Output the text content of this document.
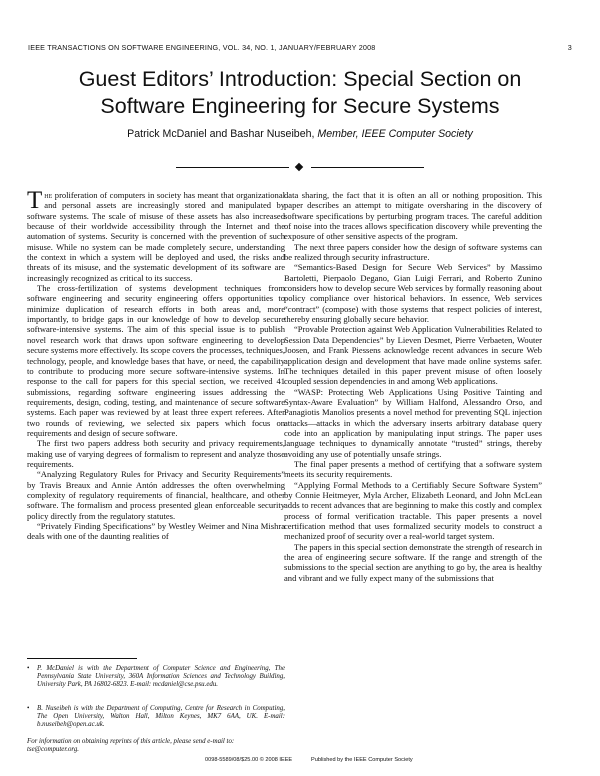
IEEE TRANSACTIONS ON SOFTWARE ENGINEERING, VOL. 34, NO. 1, JANUARY/FEBRUARY 2008	3
Guest Editors’ Introduction: Special Section on
Software Engineering for Secure Systems
Patrick McDaniel and Bashar Nuseibeh, Member, IEEE Computer Society

The proliferation of computers in society has meant that organizational and personal assets are increasingly stored and manipulated by software systems. The scale of misuse of these assets has also increased because of their worldwide accessibility through the Internet and the automation of systems. Security is concerned with the prevention of such misuse. While no system can be made completely secure, understanding the context in which a system will be deployed and used, the risks and threats of its misuse, and the systematic development of its software are increasingly recognized as critical to its success.

The cross-fertilization of systems development techniques from software engineering and security engineering offers opportunities to minimize duplication of research efforts in both areas and, more importantly, to bridge gaps in our knowledge of how to develop secure software-intensive systems. The aim of this special issue is to publish novel research work that draws upon software engineering to develop secure systems more effectively. Its scope covers the processes, techniques, technology, people, and knowledge bases that have, or need, the capability to contribute to producing more secure software-intensive systems. In response to the call for papers for this special section, we received 41 submissions, regarding software engineering issues addressing the requirements, design, coding, testing, and maintenance of secure software systems. Each paper was reviewed by at least three expert referees. After two rounds of reviewing, we selected six papers which focus on requirements and design of secure software.

The first two papers address both security and privacy requirements, making use of varying degrees of formalism to represent and analyze those requirements.

“Analyzing Regulatory Rules for Privacy and Security Requirements” by Travis Breaux and Annie Antón addresses the often overwhelming complexity of regulatory requirements of financial, healthcare, and other software. The formalism and process presented glean enforceable security policy directly from the regulatory statutes.

“Privately Finding Specifications” by Westley Weimer and Nina Mishra deals with one of the daunting realities of

data sharing, the fact that it is often an all or nothing proposition. This paper describes an attempt to mitigate oversharing in the discovery of software specifications by perturbing program traces. The careful addition of noise into the traces allows specification discovery while preventing the exposure of other sensitive aspects of the program.

The next three papers consider how the design of software systems can be realized through security infrastructure.

“Semantics-Based Design for Secure Web Services” by Massimo Bartoletti, Pierpaolo Degano, Gian Luigi Ferrari, and Roberto Zunino considers how to develop secure Web services by formally reasoning about policy compliance over historical behaviors. In essence, Web services “contract” (compose) with those systems that respect policies of interest, thereby ensuring globally secure behavior.

“Provable Protection against Web Application Vulnerabilities Related to Session Data Dependencies” by Lieven Desmet, Pierre Verbaeten, Wouter Joosen, and Frank Piessens acknowledge recent advances in secure Web application design and development that have made online systems safer. The techniques detailed in this paper prevent misuse of often loosely coupled session dependencies in and among Web applications.

“WASP: Protecting Web Applications Using Positive Tainting and Syntax-Aware Evaluation” by William Halfond, Alessandro Orso, and Panagiotis Manolios presents a novel method for preventing SQL injection attacks—attacks in which the adversary inserts arbitrary database query code into an application by manipulating input strings. The paper uses language techniques to dynamically annotate “trusted” strings, thereby avoiding any use of potentially unsafe strings.

The final paper presents a method of certifying that a software system meets its security requirements.

“Applying Formal Methods to a Certifiably Secure Software System” by Connie Heitmeyer, Myla Archer, Elizabeth Leonard, and John McLean adds to recent advances that are beginning to make this costly and complex process of formal verification tractable. This paper presents a novel certification method that uses formalized security models to construct a mechanized proof of security over a real-world target system.

The papers in this special section demonstrate the strength of research in the area of engineering secure software. If the range and strength of the submissions to the special section are anything to go by, the area is healthy and vibrant and we fully expect many of the submissions that

• P. McDaniel is with the Department of Computer Science and Engineering, The Pennsylvania State University, 360A Information Sciences and Technology Building, University Park, PA 16802-6823. E-mail: mcdaniel@cse.psu.edu.
• B. Nuseibeh is with the Department of Computing, Centre for Research in Computing, The Open University, Walton Hall, Milton Keynes, MK7 6AA, UK. E-mail: b.nuseibeh@open.ac.uk.
For information on obtaining reprints of this article, please send e-mail to: tse@computer.org.
0098-5589/08/$25.00 © 2008 IEEE	Published by the IEEE Computer Society
